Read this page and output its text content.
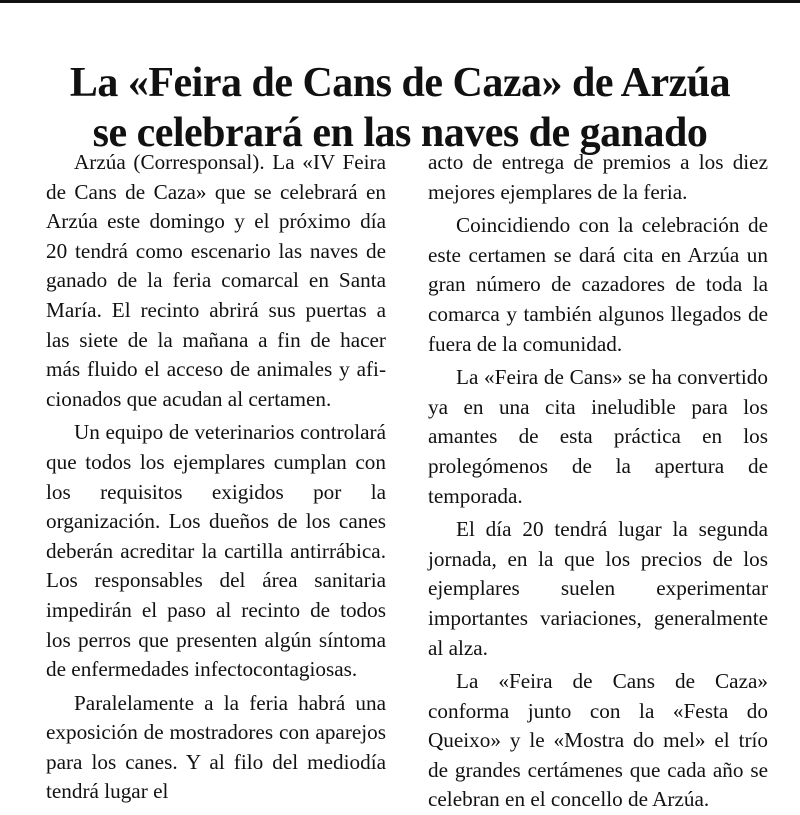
La «Feira de Cans de Caza» de Arzúa
se celebrará en las naves de ganado

Arzúa (Corresponsal). La «IV Feira de Cans de Caza» que se celebrará en Arzúa este domingo y el próximo día 20 tendrá como escenario las naves de ganado de la feria comarcal en Santa María. El recinto abrirá sus puertas a las siete de la mañana a fin de hacer más fluido el acceso de animales y aficionados que acudan al certamen.

Un equipo de veterinarios controlará que todos los ejemplares cumplan con los requisitos exigidos por la organización. Los dueños de los canes deberán acreditar la cartilla antirrábica. Los responsables del área sanitaria impedirán el paso al recinto de todos los perros que presenten algún síntoma de enfermedades infectocontagiosas.

Paralelamente a la feria habrá una exposición de mostradores con aparejos para los canes. Y al filo del mediodía tendrá lugar el

acto de entrega de premios a los diez mejores ejemplares de la feria.

Coincidiendo con la celebración de este certamen se dará cita en Arzúa un gran número de cazadores de toda la comarca y también algunos llegados de fuera de la comunidad.

La «Feira de Cans» se ha convertido ya en una cita ineludible para los amantes de esta práctica en los prolegómenos de la apertura de temporada.

El día 20 tendrá lugar la segunda jornada, en la que los precios de los ejemplares suelen experimentar importantes variaciones, generalmente al alza.

La «Feira de Cans de Caza» conforma junto con la «Festa do Queixo» y le «Mostra do mel» el trío de grandes certámenes que cada año se celebran en el concello de Arzúa.
